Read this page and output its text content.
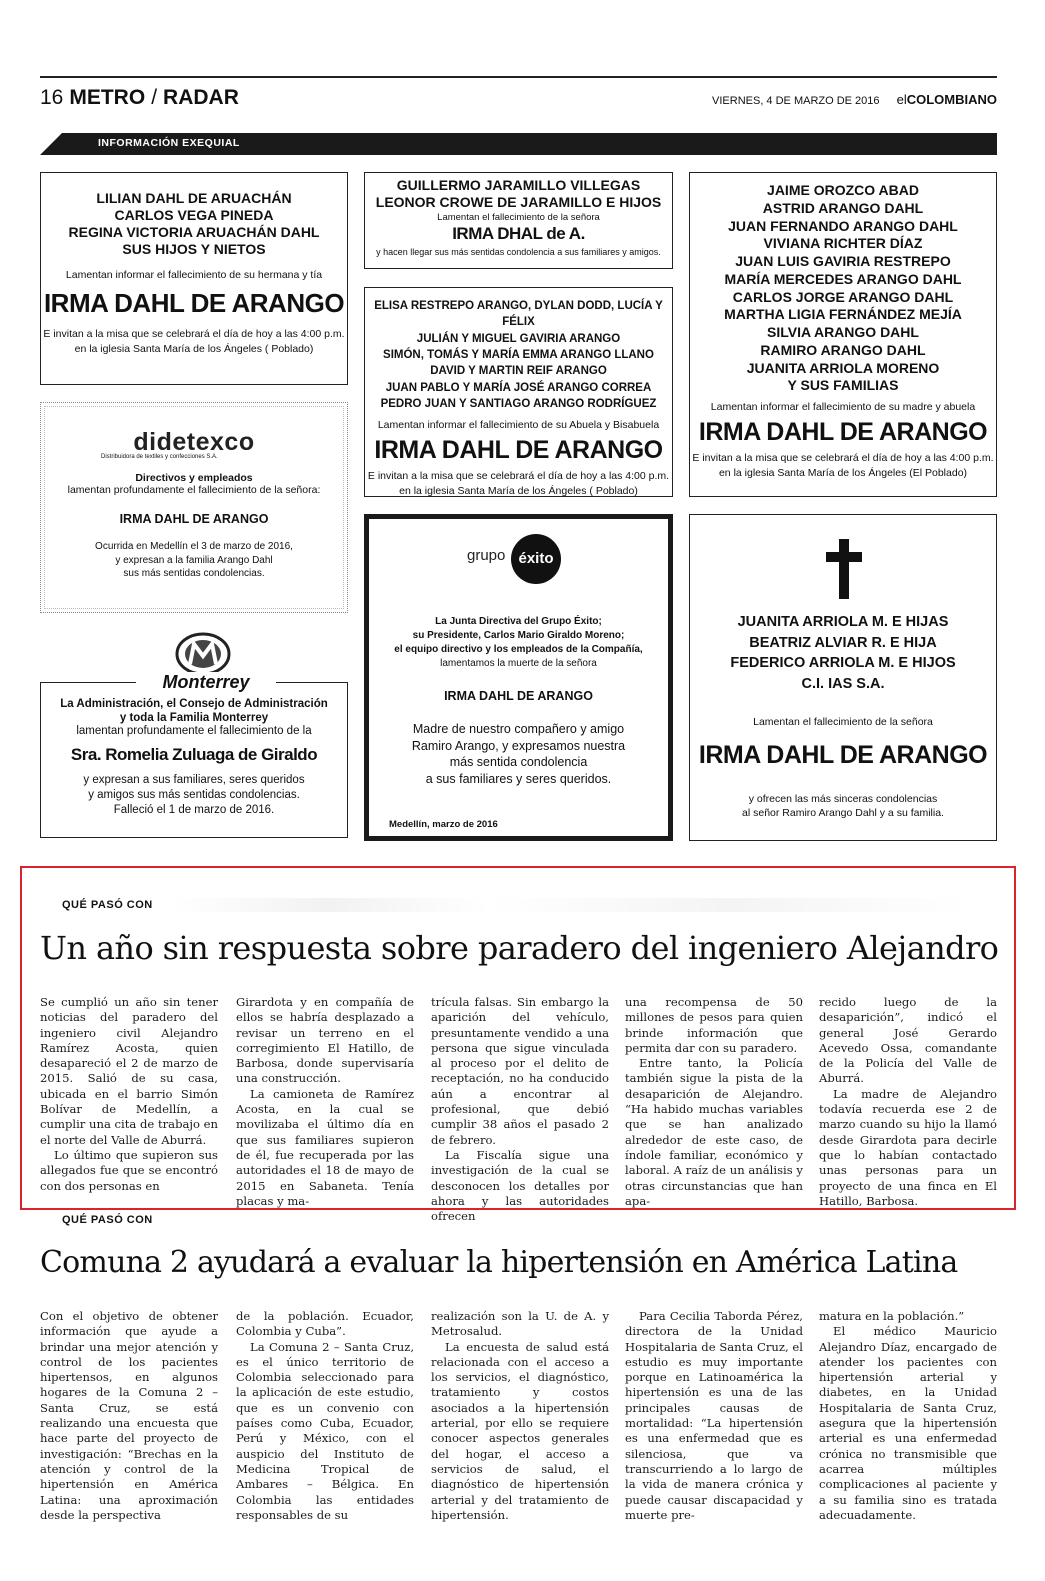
16 METRO / RADAR	VIERNES, 4 DE MARZO DE 2016 elCOLOMBIANO
INFORMACIÓN EXEQUIAL
LILIAN DAHL DE ARUACHÁN
CARLOS VEGA PINEDA
REGINA VICTORIA ARUACHÁN DAHL
SUS HIJOS Y NIETOS
Lamentan informar el fallecimiento de su hermana y tía
IRMA DAHL DE ARANGO
E invitan a la misa que se celebrará el día de hoy a las 4:00 p.m.
en la iglesia Santa María de los Ángeles ( Poblado)
didetexco
Distribuidora de textiles y confecciones S.A.
Directivos y empleados
lamentan profundamente el fallecimiento de la señora:
IRMA DAHL DE ARANGO
Ocurrida en Medellín el 3 de marzo de 2016,
y expresan a la familia Arango Dahl
sus más sentidas condolencias.
Monterrey
La Administración, el Consejo de Administración
y toda la Familia Monterrey
lamentan profundamente el fallecimiento de la
Sra. Romelia Zuluaga de Giraldo
y expresan a sus familiares, seres queridos
y amigos sus más sentidas condolencias.
Falleció el 1 de marzo de 2016.
GUILLERMO JARAMILLO VILLEGAS
LEONOR CROWE DE JARAMILLO E HIJOS
Lamentan el fallecimiento de la señora
IRMA DHAL de A.
y hacen llegar sus más sentidas condolencia a sus familiares y amigos.
ELISA RESTREPO ARANGO, DYLAN DODD, LUCÍA Y FÉLIX
JULIÁN Y MIGUEL GAVIRIA ARANGO
SIMÓN, TOMÁS Y MARÍA EMMA ARANGO LLANO
DAVID Y MARTIN REIF ARANGO
JUAN PABLO Y MARÍA JOSÉ ARANGO CORREA
PEDRO JUAN Y SANTIAGO ARANGO RODRÍGUEZ
Lamentan informar el fallecimiento de su Abuela y Bisabuela
IRMA DAHL DE ARANGO
E invitan a la misa que se celebrará el día de hoy a las 4:00 p.m.
en la iglesia Santa María de los Ángeles ( Poblado)
grupo éxito
La Junta Directiva del Grupo Éxito;
su Presidente, Carlos Mario Giraldo Moreno;
el equipo directivo y los empleados de la Compañía,
lamentamos la muerte de la señora
IRMA DAHL DE ARANGO
Madre de nuestro compañero y amigo
Ramiro Arango, y expresamos nuestra
más sentida condolencia
a sus familiares y seres queridos.
Medellín, marzo de 2016
JAIME OROZCO ABAD
ASTRID ARANGO DAHL
JUAN FERNANDO ARANGO DAHL
VIVIANA RICHTER DÍAZ
JUAN LUIS GAVIRIA RESTREPO
MARÍA MERCEDES ARANGO DAHL
CARLOS JORGE ARANGO DAHL
MARTHA LIGIA FERNÁNDEZ MEJÍA
SILVIA ARANGO DAHL
RAMIRO ARANGO DAHL
JUANITA ARRIOLA MORENO
Y SUS FAMILIAS
Lamentan informar el fallecimiento de su madre y abuela
IRMA DAHL DE ARANGO
E invitan a la misa que se celebrará el día de hoy a las 4:00 p.m.
en la iglesia Santa María de los Ángeles (El Poblado)
JUANITA ARRIOLA M. E HIJAS
BEATRIZ ALVIAR R. E HIJA
FEDERICO ARRIOLA M. E HIJOS
C.I. IAS S.A.
Lamentan el fallecimiento de la señora
IRMA DAHL DE ARANGO
y ofrecen las más sinceras condolencias
al señor Ramiro Arango Dahl y a su familia.
QUÉ PASÓ CON
Un año sin respuesta sobre paradero del ingeniero Alejandro

Se cumplió un año sin tener noticias del paradero del ingeniero civil Alejandro Ramírez Acosta, quien desapareció el 2 de marzo de 2015. Salió de su casa, ubicada en el barrio Simón Bolívar de Medellín, a cumplir una cita de trabajo en el norte del Valle de Aburrá.

Lo último que supieron sus allegados fue que se encontró con dos personas en

Girardota y en compañía de ellos se habría desplazado a revisar un terreno en el corregimiento El Hatillo, de Barbosa, donde supervisaría una construcción.

La camioneta de Ramírez Acosta, en la cual se movilizaba el último día en que sus familiares supieron de él, fue recuperada por las autoridades el 18 de mayo de 2015 en Sabaneta. Tenía placas y ma-

trícula falsas. Sin embargo la aparición del vehículo, presuntamente vendido a una persona que sigue vinculada al proceso por el delito de receptación, no ha conducido aún a encontrar al profesional, que debió cumplir 38 años el pasado 2 de febrero.

La Fiscalía sigue una investigación de la cual se desconocen los detalles por ahora y las autoridades ofrecen

una recompensa de 50 millones de pesos para quien brinde información que permita dar con su paradero.

Entre tanto, la Policía también sigue la pista de la desaparición de Alejandro. “Ha habido muchas variables que se han analizado alrededor de este caso, de índole familiar, económico y laboral. A raíz de un análisis y otras circunstancias que han apa-

recido luego de la desaparición”, indicó el general José Gerardo Acevedo Ossa, comandante de la Policía del Valle de Aburrá.

La madre de Alejandro todavía recuerda ese 2 de marzo cuando su hijo la llamó desde Girardota para decirle que lo habían contactado unas personas para un proyecto de una finca en El Hatillo, Barbosa.

QUÉ PASÓ CON
Comuna 2 ayudará a evaluar la hipertensión en América Latina

Con el objetivo de obtener información que ayude a brindar una mejor atención y control de los pacientes hipertensos, en algunos hogares de la Comuna 2 – Santa Cruz, se está realizando una encuesta que hace parte del proyecto de investigación: “Brechas en la atención y control de la hipertensión en América Latina: una aproximación desde la perspectiva

de la población. Ecuador, Colombia y Cuba”.

La Comuna 2 – Santa Cruz, es el único territorio de Colombia seleccionado para la aplicación de este estudio, que es un convenio con países como Cuba, Ecuador, Perú y México, con el auspicio del Instituto de Medicina Tropical de Ambares – Bélgica. En Colombia las entidades responsables de su

realización son la U. de A. y Metrosalud.

La encuesta de salud está relacionada con el acceso a los servicios, el diagnóstico, tratamiento y costos asociados a la hipertensión arterial, por ello se requiere conocer aspectos generales del hogar, el acceso a servicios de salud, el diagnóstico de hipertensión arterial y del tratamiento de hipertensión.

Para Cecilia Taborda Pérez, directora de la Unidad Hospitalaria de Santa Cruz, el estudio es muy importante porque en Latinoamérica la hipertensión es una de las principales causas de mortalidad: “La hipertensión es una enfermedad que es silenciosa, que va transcurriendo a lo largo de la vida de manera crónica y puede causar discapacidad y muerte pre-

matura en la población.”

El médico Mauricio Alejandro Díaz, encargado de atender los pacientes con hipertensión arterial y diabetes, en la Unidad Hospitalaria de Santa Cruz, asegura que la hipertensión arterial es una enfermedad crónica no transmisible que acarrea múltiples complicaciones al paciente y a su familia sino es tratada adecuadamente.
